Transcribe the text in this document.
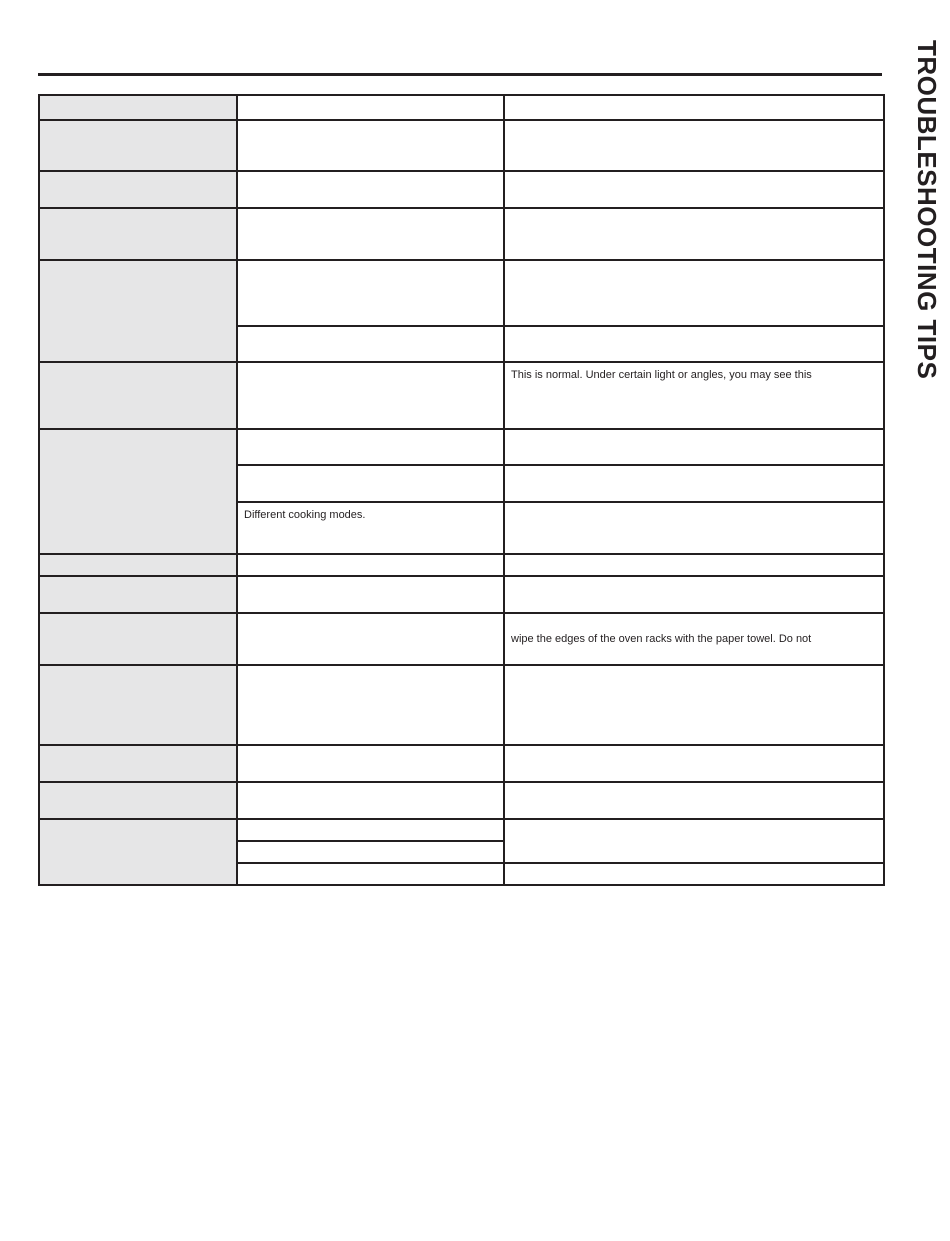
TROUBLESHOOTING TIPS

		This is normal. Under certain light or angles, you may see this

	Different cooking modes.	

		wipe the edges of the oven racks with the paper towel. Do not
